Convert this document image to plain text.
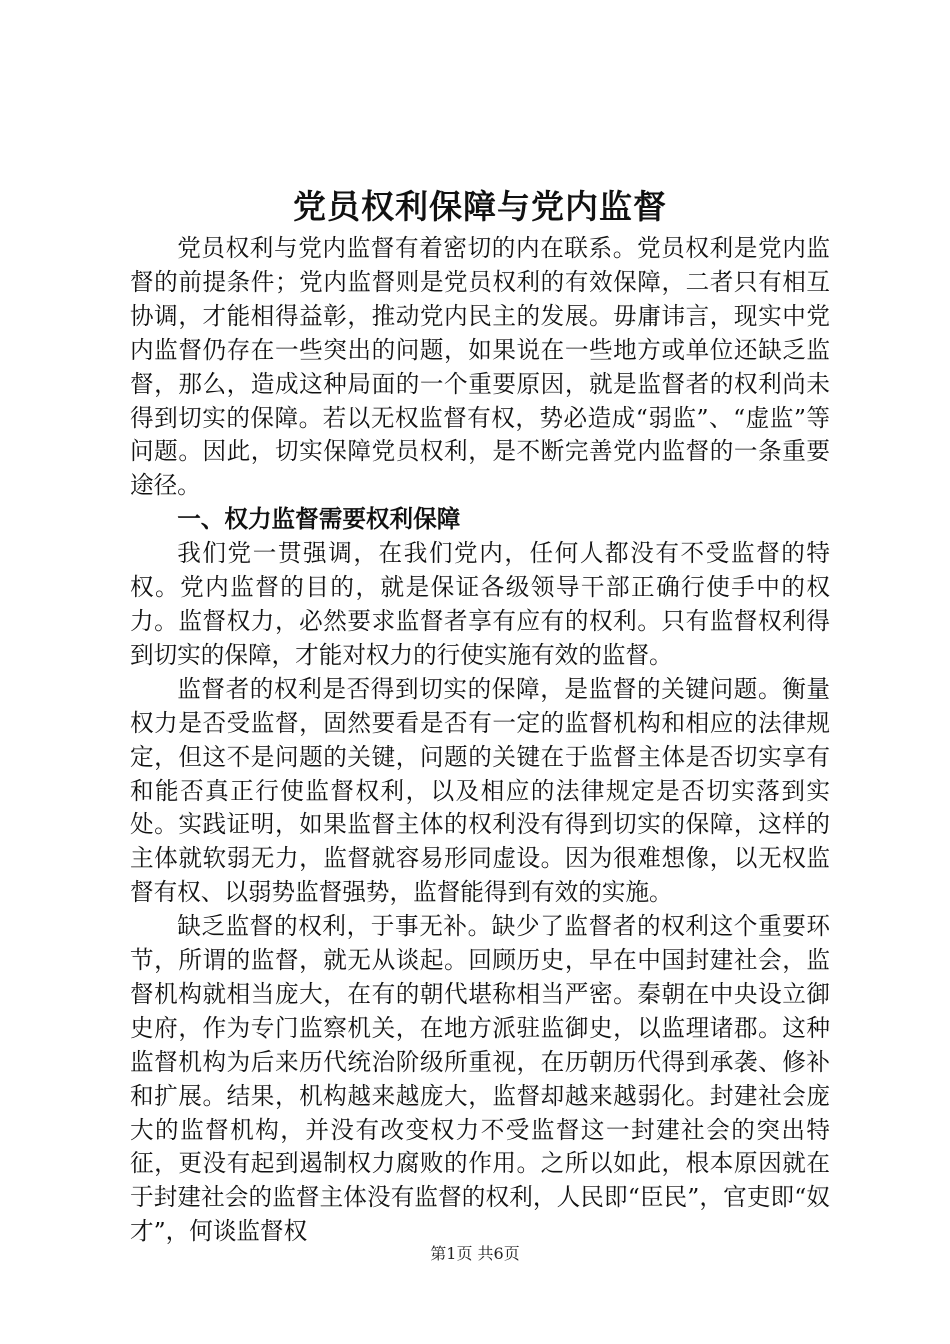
党员权利保障与党内监督

党员权利与党内监督有着密切的内在联系。党员权利是党内监督的前提条件；党内监督则是党员权利的有效保障，二者只有相互协调，才能相得益彰，推动党内民主的发展。毋庸讳言，现实中党内监督仍存在一些突出的问题，如果说在一些地方或单位还缺乏监督，那么，造成这种局面的一个重要原因，就是监督者的权利尚未得到切实的保障。若以无权监督有权，势必造成“弱监”、“虚监”等问题。因此，切实保障党员权利，是不断完善党内监督的一条重要途径。

一、权力监督需要权利保障

我们党一贯强调，在我们党内，任何人都没有不受监督的特权。党内监督的目的，就是保证各级领导干部正确行使手中的权力。监督权力，必然要求监督者享有应有的权利。只有监督权利得到切实的保障，才能对权力的行使实施有效的监督。

监督者的权利是否得到切实的保障，是监督的关键问题。衡量权力是否受监督，固然要看是否有一定的监督机构和相应的法律规定，但这不是问题的关键，问题的关键在于监督主体是否切实享有和能否真正行使监督权利，以及相应的法律规定是否切实落到实处。实践证明，如果监督主体的权利没有得到切实的保障，这样的主体就软弱无力，监督就容易形同虚设。因为很难想像，以无权监督有权、以弱势监督强势，监督能得到有效的实施。

缺乏监督的权利，于事无补。缺少了监督者的权利这个重要环节，所谓的监督，就无从谈起。回顾历史，早在中国封建社会，监督机构就相当庞大，在有的朝代堪称相当严密。秦朝在中央设立御史府，作为专门监察机关，在地方派驻监御史，以监理诸郡。这种监督机构为后来历代统治阶级所重视，在历朝历代得到承袭、修补和扩展。结果，机构越来越庞大，监督却越来越弱化。封建社会庞大的监督机构，并没有改变权力不受监督这一封建社会的突出特征，更没有起到遏制权力腐败的作用。之所以如此，根本原因就在于封建社会的监督主体没有监督的权利，人民即“臣民”，官吏即“奴才”，何谈监督权

第1页 共6页
